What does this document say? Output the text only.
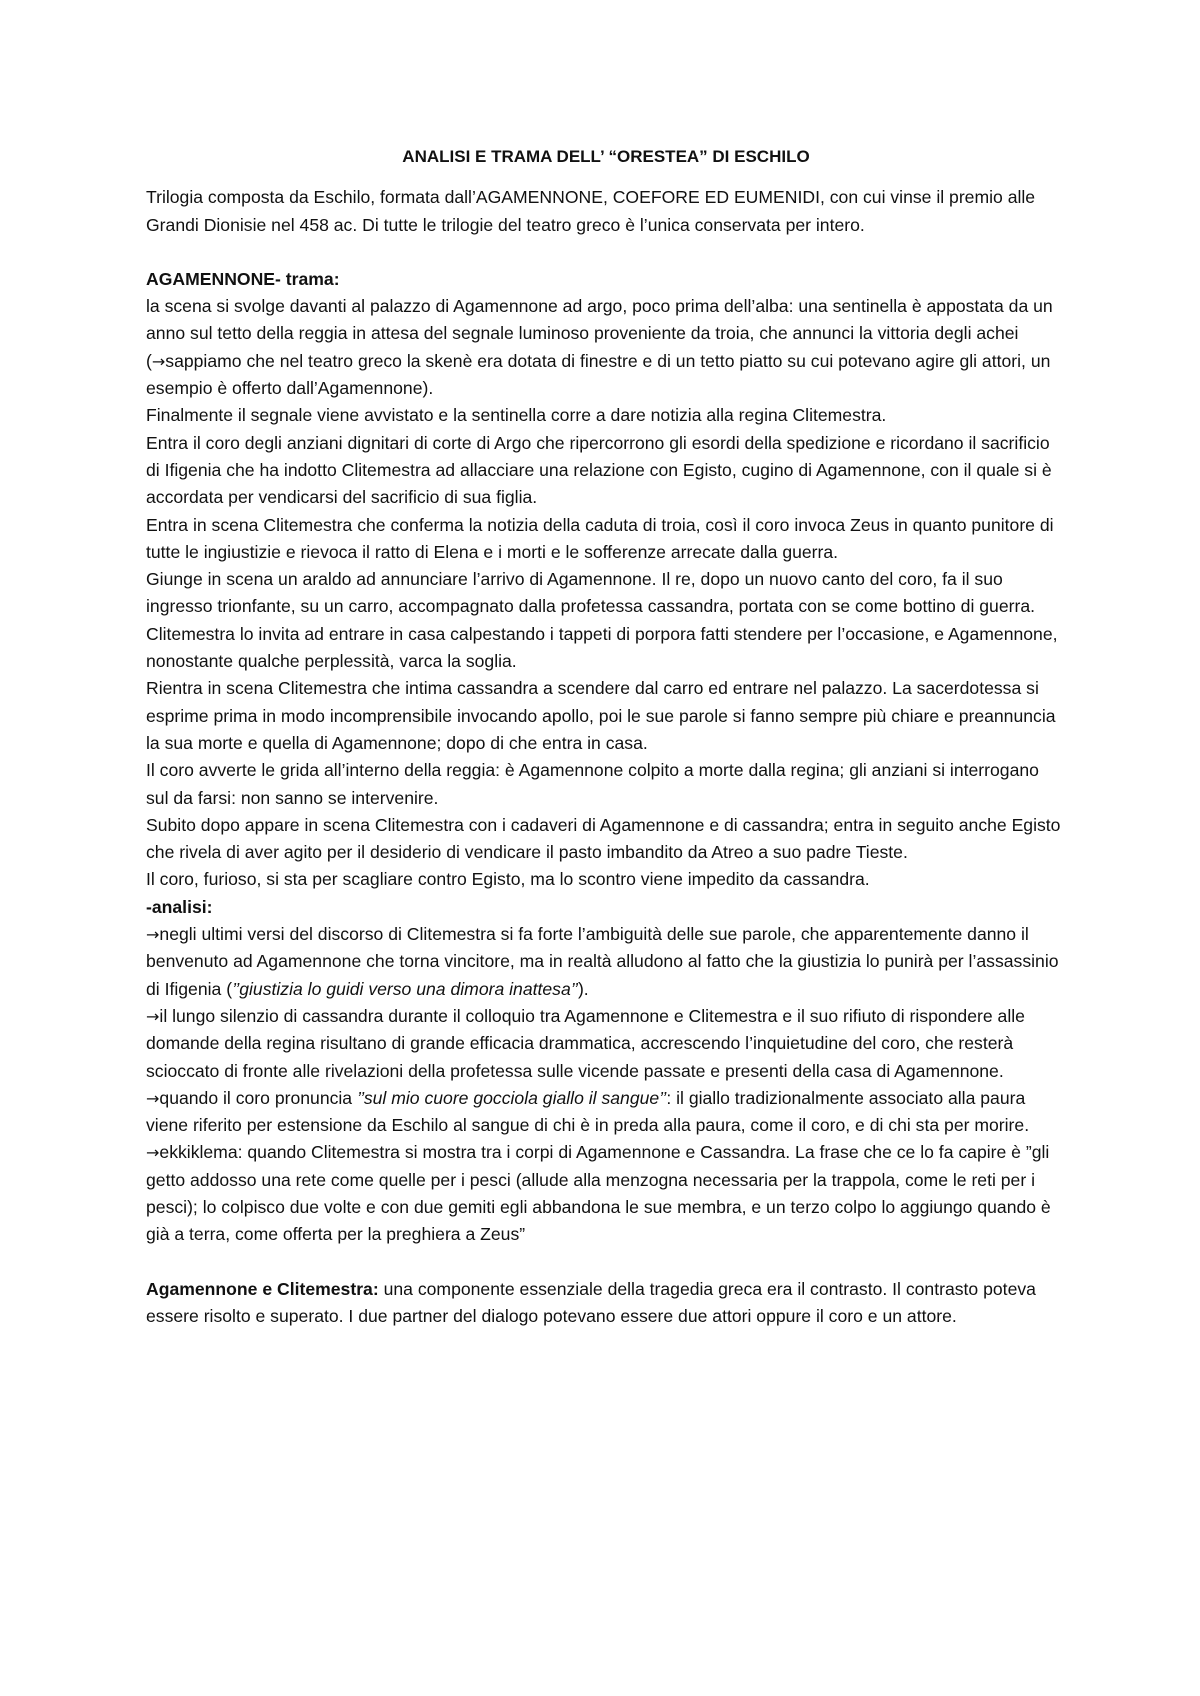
ANALISI E TRAMA DELL’ “ORESTEA” DI ESCHILO

Trilogia composta da Eschilo, formata dall’AGAMENNONE, COEFORE ED EUMENIDI, con cui vinse il premio alle Grandi Dionisie nel 458 ac. Di tutte le trilogie del teatro greco è l’unica conservata per intero.

AGAMENNONE- trama:

la scena si svolge davanti al palazzo di Agamennone ad argo, poco prima dell’alba: una sentinella è appostata da un anno sul tetto della reggia in attesa del segnale luminoso proveniente da troia, che annunci la vittoria degli achei (→sappiamo che nel teatro greco la skenè era dotata di finestre e di un tetto piatto su cui potevano agire gli attori, un esempio è offerto dall’Agamennone).

Finalmente il segnale viene avvistato e la sentinella corre a dare notizia alla regina Clitemestra.

Entra il coro degli anziani dignitari di corte di Argo che ripercorrono gli esordi della spedizione e ricordano il sacrificio di Ifigenia che ha indotto Clitemestra ad allacciare una relazione con Egisto, cugino di Agamennone, con il quale si è accordata per vendicarsi del sacrificio di sua figlia.

Entra in scena Clitemestra che conferma la notizia della caduta di troia, così il coro invoca Zeus in quanto punitore di tutte le ingiustizie e rievoca il ratto di Elena e i morti e le sofferenze arrecate dalla guerra.

Giunge in scena un araldo ad annunciare l’arrivo di Agamennone. Il re, dopo un nuovo canto del coro, fa il suo ingresso trionfante, su un carro, accompagnato dalla profetessa cassandra, portata con se come bottino di guerra.

Clitemestra lo invita ad entrare in casa calpestando i tappeti di porpora fatti stendere per l’occasione, e Agamennone, nonostante qualche perplessità, varca la soglia.

Rientra in scena Clitemestra che intima cassandra a scendere dal carro ed entrare nel palazzo. La sacerdotessa si esprime prima in modo incomprensibile invocando apollo, poi le sue parole si fanno sempre più chiare e preannuncia la sua morte e quella di Agamennone; dopo di che entra in casa.

Il coro avverte le grida all’interno della reggia: è Agamennone colpito a morte dalla regina; gli anziani si interrogano sul da farsi: non sanno se intervenire.

Subito dopo appare in scena Clitemestra con i cadaveri di Agamennone e di cassandra; entra in seguito anche Egisto che rivela di aver agito per il desiderio di vendicare il pasto imbandito da Atreo a suo padre Tieste.

Il coro, furioso, si sta per scagliare contro Egisto, ma lo scontro viene impedito da cassandra.

-analisi:

→negli ultimi versi del discorso di Clitemestra si fa forte l’ambiguità delle sue parole, che apparentemente danno il benvenuto ad Agamennone che torna vincitore, ma in realtà alludono al fatto che la giustizia lo punirà per l’assassinio di Ifigenia (’’giustizia lo guidi verso una dimora inattesa’’).

→il lungo silenzio di cassandra durante il colloquio tra Agamennone e Clitemestra e il suo rifiuto di rispondere alle domande della regina risultano di grande efficacia drammatica, accrescendo l’inquietudine del coro, che resterà scioccato di fronte alle rivelazioni della profetessa sulle vicende passate e presenti della casa di Agamennone.

→quando il coro pronuncia ’’sul mio cuore gocciola giallo il sangue’’: il giallo tradizionalmente associato alla paura viene riferito per estensione da Eschilo al sangue di chi è in preda alla paura, come il coro, e di chi sta per morire.

→ekkiklema: quando Clitemestra si mostra tra i corpi di Agamennone e Cassandra. La frase che ce lo fa capire è ”gli getto addosso una rete come quelle per i pesci (allude alla menzogna necessaria per la trappola, come le reti per i pesci); lo colpisco due volte e con due gemiti egli abbandona le sue membra, e un terzo colpo lo aggiungo quando è già a terra, come offerta per la preghiera a Zeus”

Agamennone e Clitemestra: una componente essenziale della tragedia greca era il contrasto. Il contrasto poteva essere risolto e superato. I due partner del dialogo potevano essere due attori oppure il coro e un attore.
